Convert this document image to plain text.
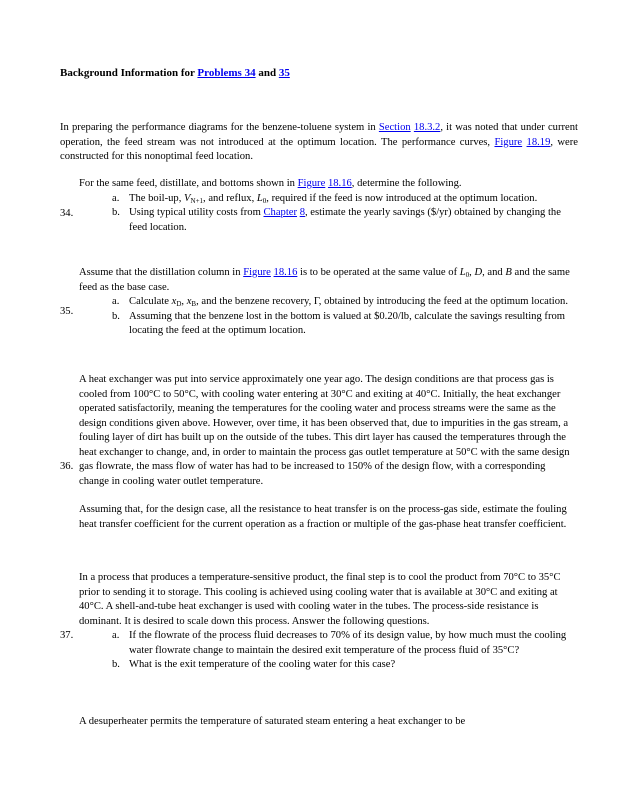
Background Information for Problems 34 and 35
In preparing the performance diagrams for the benzene-toluene system in Section 18.3.2, it was noted that under current operation, the feed stream was not introduced at the optimum location. The performance curves, Figure 18.19, were constructed for this nonoptimal feed location.
34.

For the same feed, distillate, and bottoms shown in Figure 18.16, determine the following.

a. The boil-up, $V_{N+1}$, and reflux, $L_0$, required if the feed is now introduced at the optimum location.
b. Using typical utility costs from Chapter 8, estimate the yearly savings ($/yr) obtained by changing the feed location.
35.

Assume that the distillation column in Figure 18.16 is to be operated at the same value of $L_0$, D, and B and the same feed as the base case.

a. Calculate $x_D$, $x_B$, and the benzene recovery, Γ, obtained by introducing the feed at the optimum location.
b. Assuming that the benzene lost in the bottom is valued at $0.20/lb, calculate the savings resulting from locating the feed at the optimum location.
36.

A heat exchanger was put into service approximately one year ago. The design conditions are that process gas is cooled from 100°C to 50°C, with cooling water entering at 30°C and exiting at 40°C. Initially, the heat exchanger operated satisfactorily, meaning the temperatures for the cooling water and process streams were the same as the design conditions given above. However, over time, it has been observed that, due to impurities in the gas stream, a fouling layer of dirt has built up on the outside of the tubes. This dirt layer has caused the temperatures through the heat exchanger to change, and, in order to maintain the process gas outlet temperature at 50°C with the same design gas flowrate, the mass flow of water has had to be increased to 150% of the design flow, with a corresponding change in cooling water outlet temperature.

Assuming that, for the design case, all the resistance to heat transfer is on the process-gas side, estimate the fouling heat transfer coefficient for the current operation as a fraction or multiple of the gas-phase heat transfer coefficient.

37.

In a process that produces a temperature-sensitive product, the final step is to cool the product from 70°C to 35°C prior to sending it to storage. This cooling is achieved using cooling water that is available at 30°C and exiting at 40°C. A shell-and-tube heat exchanger is used with cooling water in the tubes. The process-side resistance is dominant. It is desired to scale down this process. Answer the following questions.

a. If the flowrate of the process fluid decreases to 70% of its design value, by how much must the cooling water flowrate change to maintain the desired exit temperature of the process fluid of 35°C?
b. What is the exit temperature of the cooling water for this case?

A desuperheater permits the temperature of saturated steam entering a heat exchanger to be
